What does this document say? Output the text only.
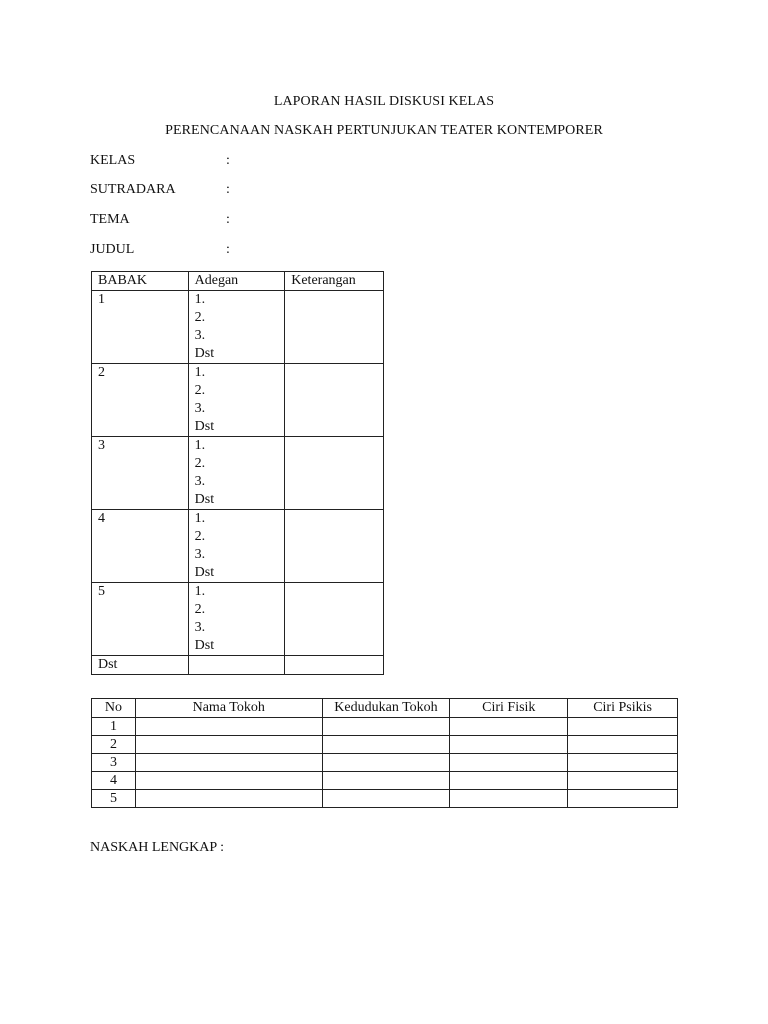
LAPORAN HASIL DISKUSI KELAS
PERENCANAAN NASKAH PERTUNJUKAN TEATER KONTEMPORER
KELAS	:
SUTRADARA	:
TEMA	:
JUDUL	:
BABAK	Adegan	Keterangan
1	1.
2.
3.
Dst	

2	1.
2.
3.
Dst	

3	1.
2.
3.
Dst	

4	1.
2.
3.
Dst	

5	1.
2.
3.
Dst	

Dst		
No	Nama Tokoh	Kedudukan Tokoh	Ciri Fisik	Ciri Psikis
1				
2				
3				
4				
5				
NASKAH LENGKAP :
